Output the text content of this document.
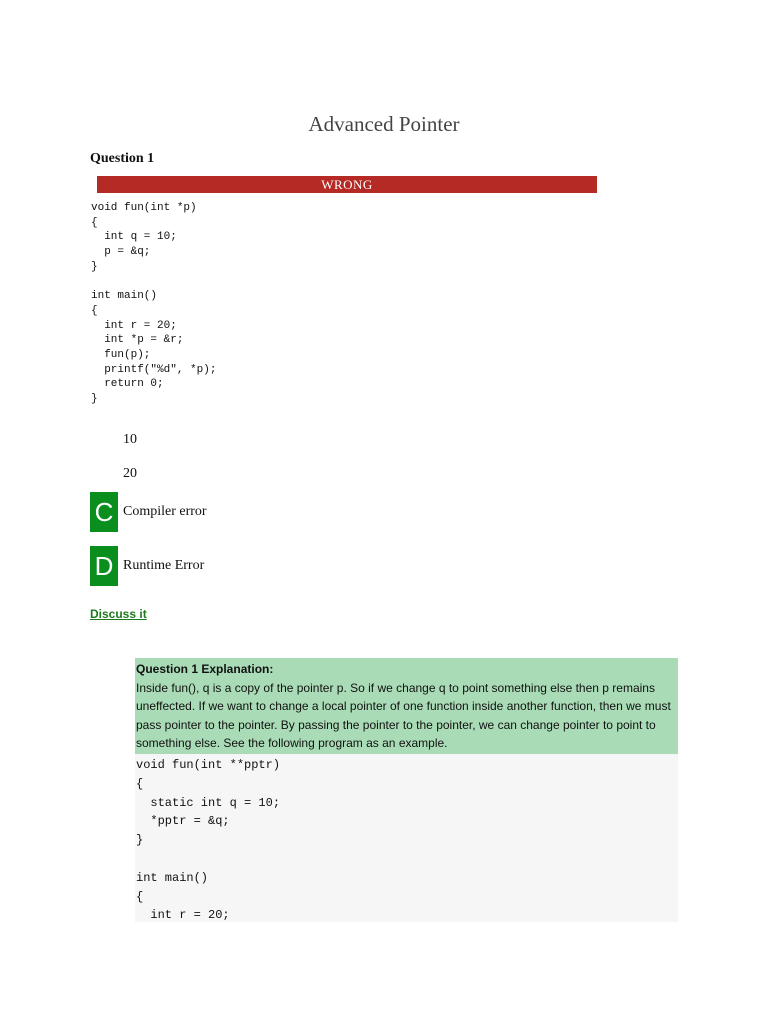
Advanced Pointer
Question 1
WRONG
void fun(int *p)
{
int q = 10;
p = &q;
}

int main()
{
int r = 20;
int *p = &r;
fun(p);
printf("%d", *p);
return 0;
}
10
20
C Compiler error
D Runtime Error
Discuss it
Question 1 Explanation:
Inside fun(), q is a copy of the pointer p. So if we change q to point something else then p remains uneffected. If we want to change a local pointer of one function inside another function, then we must pass pointer to the pointer. By passing the pointer to the pointer, we can change pointer to point to something else. See the following program as an example.
void fun(int **pptr)
{
static int q = 10;
*pptr = &q;
}

int main()
{
int r = 20;
